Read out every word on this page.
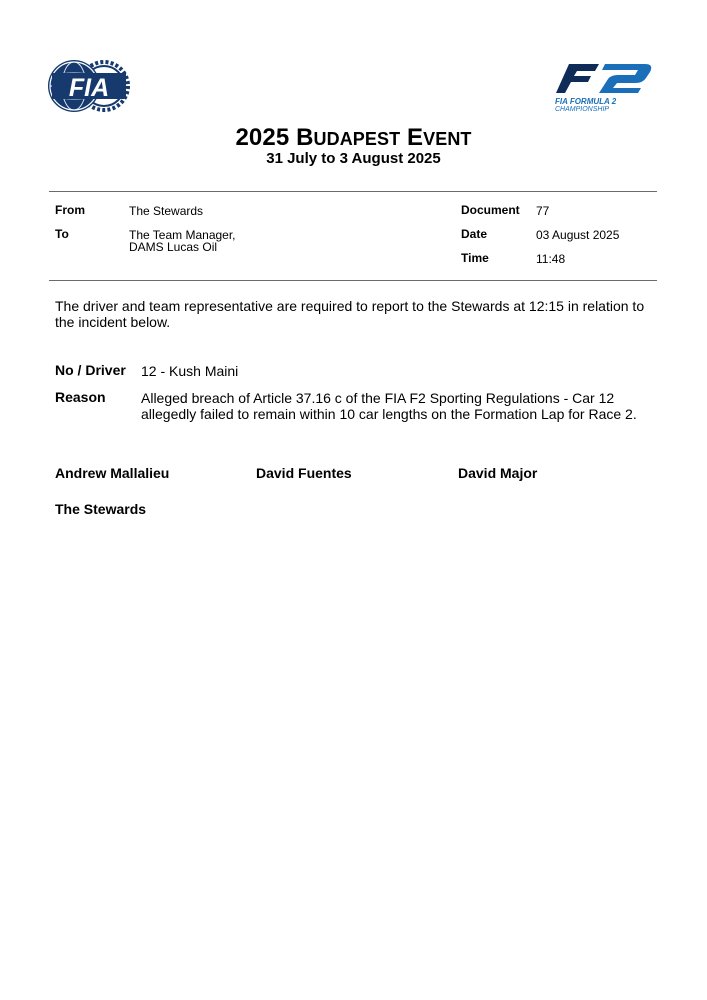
FIA	FIA FORMULA 2
CHAMPIONSHIP
2025 BUDAPEST EVENT
31 July to 3 August 2025
From	The Stewards
To	The Team Manager,
DAMS Lucas Oil
Document 77
Date	03 August 2025
Time	11:48
The driver and team representative are required to report to the Stewards at 12:15 in relation to the incident below.
No / Driver 12 - Kush Maini
Reason	Alleged breach of Article 37.16 c of the FIA F2 Sporting Regulations - Car 12
allegedly failed to remain within 10 car lengths on the Formation Lap for Race 2.
Andrew Mallalieu	David Fuentes	David Major
The Stewards
